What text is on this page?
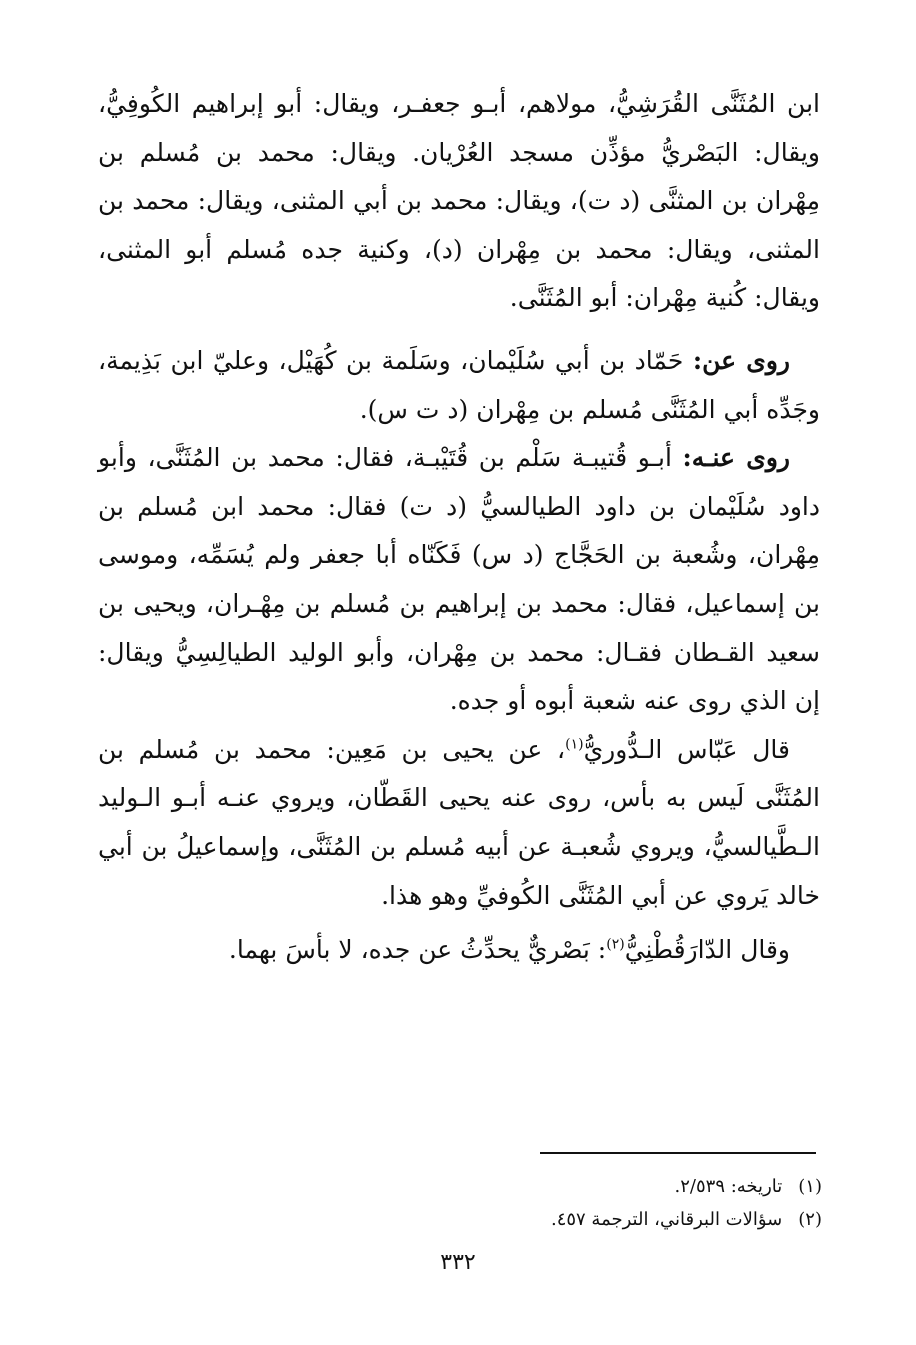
ابن المُثَنَّى القُرَشِيُّ، مولاهم، أبـو جعفـر، ويقال: أبو إبراهيم الكُوفِيُّ، ويقال: البَصْريُّ مؤذِّن مسجد العُرْيان. ويقال: محمد بن مُسلم بن مِهْران بن المثنَّى (د ت)، ويقال: محمد بن أبي المثنى، ويقال: محمد بن المثنى، ويقال: محمد بن مِهْران (د)، وكنية جده مُسلم أبو المثنى، ويقال: كُنية مِهْران: أبو المُثَنَّى.

روى عن: حَمّاد بن أبي سُلَيْمان، وسَلَمة بن كُهَيْل، وعليّ ابن بَذِيمة، وجَدِّه أبي المُثَنَّى مُسلم بن مِهْران (د ت س).

روى عنـه: أبـو قُتيبـة سَلْم بن قُتَيْبـة، فقال: محمد بن المُثَنَّى، وأبو داود سُلَيْمان بن داود الطيالسيُّ (د ت) فقال: محمد ابن مُسلم بن مِهْران، وشُعبة بن الحَجَّاج (د س) فَكَنّاه أبا جعفر ولم يُسَمِّه، وموسى بن إسماعيل، فقال: محمد بن إبراهيم بن مُسلم بن مِهْـران، ويحيى بن سعيد القـطان فقـال: محمد بن مِهْران، وأبو الوليد الطيالِسِيُّ ويقال: إن الذي روى عنه شعبة أبوه أو جده.

قال عَبّاس الـدُّوريُّ$^{(١)}$، عن يحيى بن مَعِين: محمد بن مُسلم بن المُثَنَّى لَيس به بأس، روى عنه يحيى القَطّان، ويروي عنـه أبـو الـوليد الـطَّيالسيُّ، ويروي شُعبـة عن أبيه مُسلم بن المُثَنَّى، وإسماعيلُ بن أبي خالد يَروي عن أبي المُثَنَّى الكُوفيِّ وهو هذا.

وقال الدّارَقُطْنِيُّ$^{(٢)}$: بَصْريٌّ يحدِّثُ عن جده، لا بأسَ بهما.

(١) تاريخه: ٢/٥٣٩.
(٢) سؤالات البرقاني، الترجمة ٤٥٧.
٣٣٢
